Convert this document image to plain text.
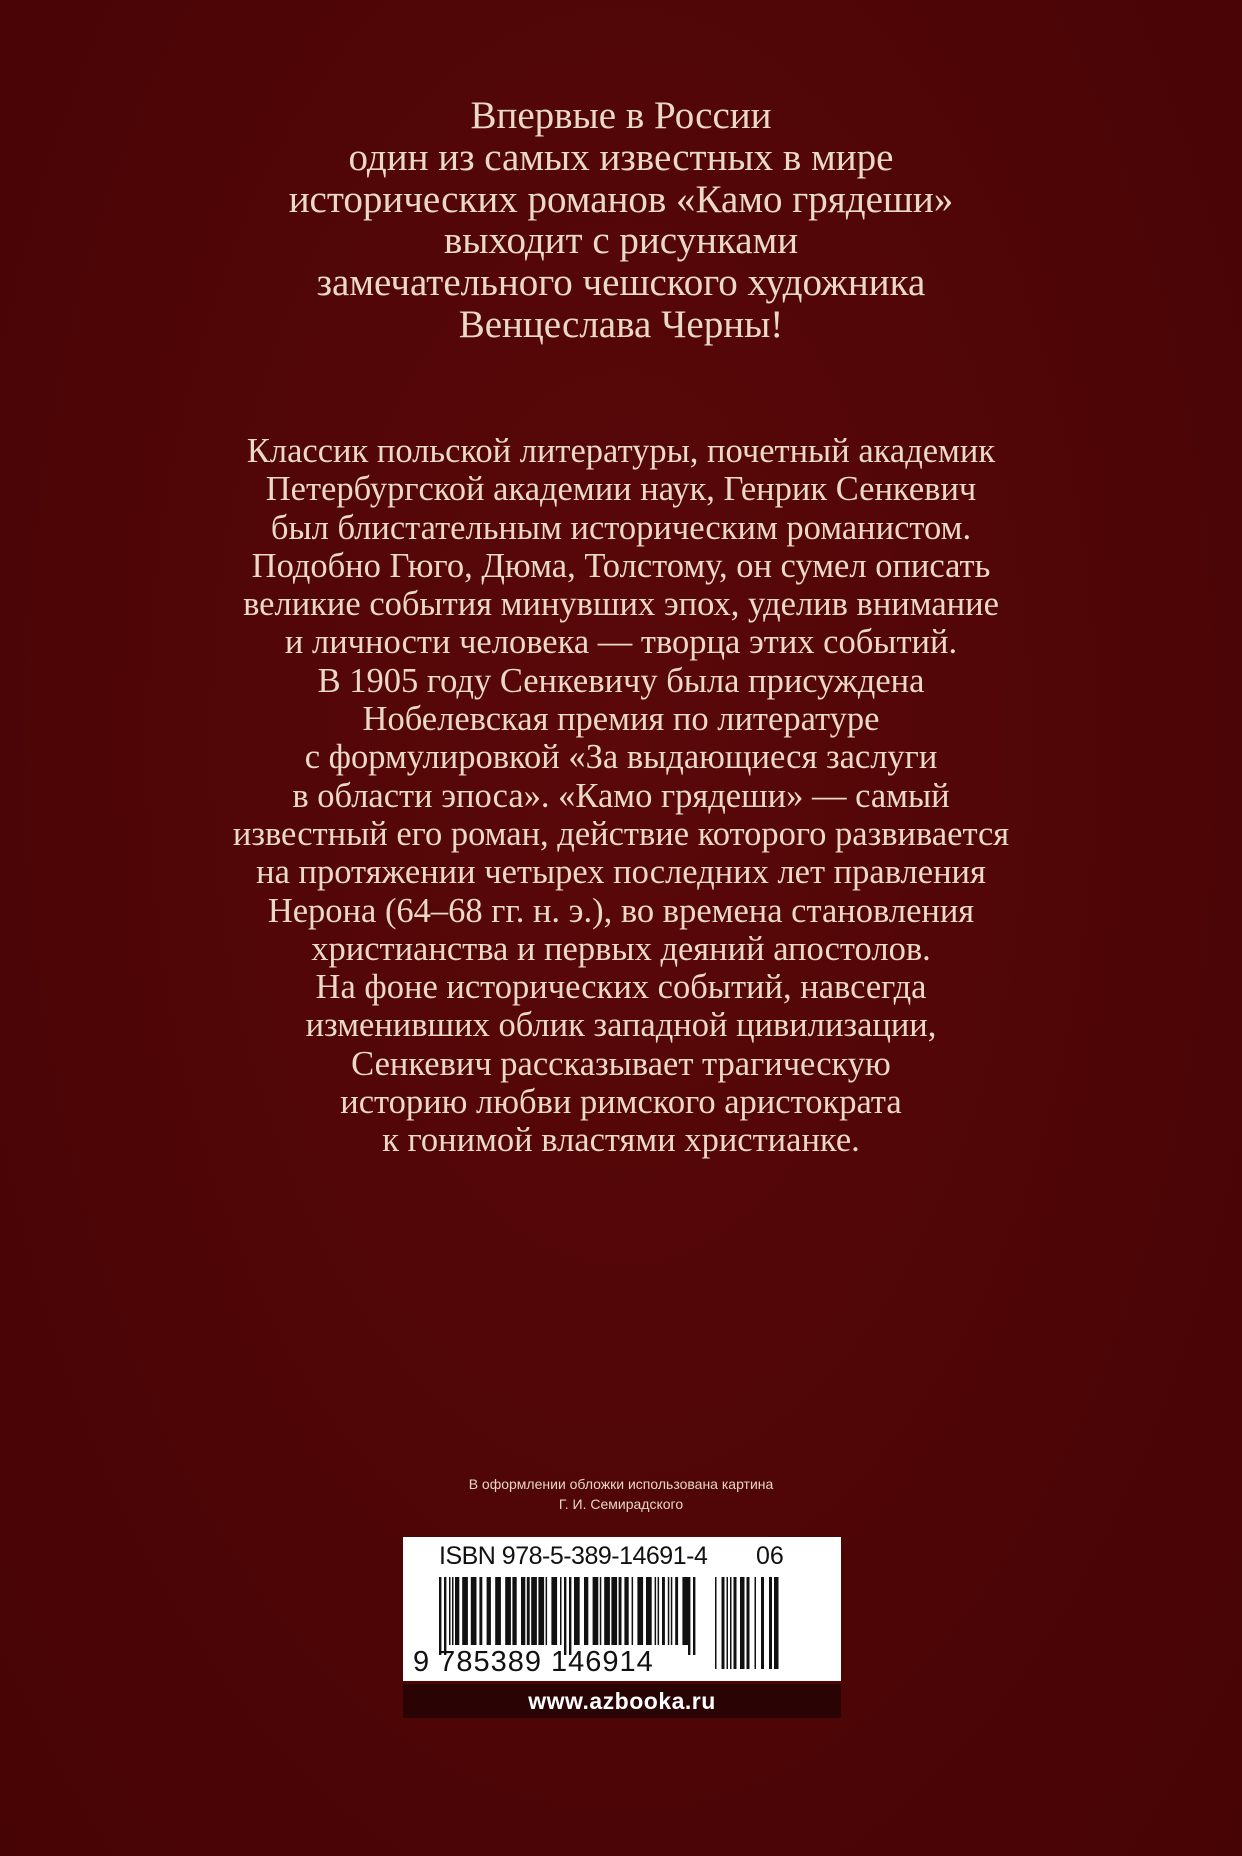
Впервые в России
один из самых известных в мире
исторических романов «Камо грядеши»
выходит с рисунками
замечательного чешского художника
Венцеслава Черны!
Классик польской литературы, почетный академик
Петербургской академии наук, Генрик Сенкевич
был блистательным историческим романистом.
Подобно Гюго, Дюма, Толстому, он сумел описать
великие события минувших эпох, уделив внимание
и личности человека — творца этих событий.
В 1905 году Сенкевичу была присуждена
Нобелевская премия по литературе
с формулировкой «За выдающиеся заслуги
в области эпоса». «Камо грядеши» — самый
известный его роман, действие которого развивается
на протяжении четырех последних лет правления
Нерона (64–68 гг. н. э.), во времена становления
христианства и первых деяний апостолов.
На фоне исторических событий, навсегда
изменивших облик западной цивилизации,
Сенкевич рассказывает трагическую
историю любви римского аристократа
к гонимой властями христианке.
В оформлении обложки использована картина
Г. И. Семирадского
ISBN 978-5-389-14691-4 06
9 785389 146914
www.azbooka.ru
